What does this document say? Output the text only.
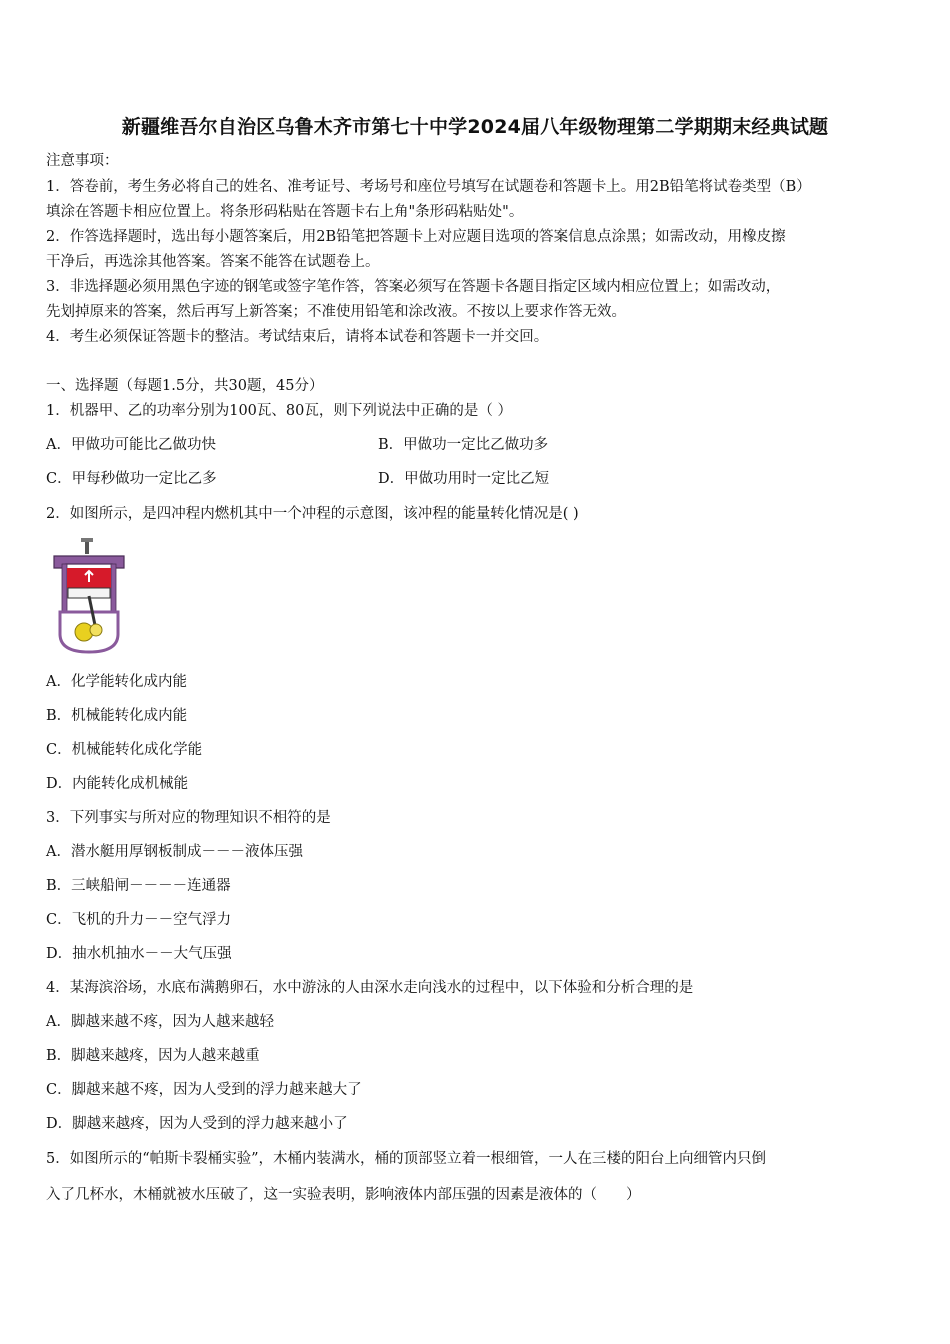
新疆维吾尔自治区乌鲁木齐市第七十中学2024届八年级物理第二学期期末经典试题
注意事项：
1．答卷前，考生务必将自己的姓名、准考证号、考场号和座位号填写在试题卷和答题卡上。用2B铅笔将试卷类型（B）
填涂在答题卡相应位置上。将条形码粘贴在答题卡右上角"条形码粘贴处"。
2．作答选择题时，选出每小题答案后，用2B铅笔把答题卡上对应题目选项的答案信息点涂黑；如需改动，用橡皮擦
干净后，再选涂其他答案。答案不能答在试题卷上。
3．非选择题必须用黑色字迹的钢笔或签字笔作答，答案必须写在答题卡各题目指定区域内相应位置上；如需改动，
先划掉原来的答案，然后再写上新答案；不准使用铅笔和涂改液。不按以上要求作答无效。
4．考生必须保证答题卡的整洁。考试结束后，请将本试卷和答题卡一并交回。
一、选择题（每题1.5分，共30题，45分）
1．机器甲、乙的功率分别为100瓦、80瓦，则下列说法中正确的是（ ）
A．甲做功可能比乙做功快	B．甲做功一定比乙做功多
C．甲每秒做功一定比乙多	D．甲做功用时一定比乙短
2．如图所示，是四冲程内燃机其中一个冲程的示意图，该冲程的能量转化情况是( )
A．化学能转化成内能
B．机械能转化成内能
C．机械能转化成化学能
D．内能转化成机械能
3．下列事实与所对应的物理知识不相符的是
A．潜水艇用厚钢板制成－－－液体压强
B．三峡船闸－－－－连通器
C．飞机的升力－－空气浮力
D．抽水机抽水－－大气压强
4．某海滨浴场，水底布满鹅卵石，水中游泳的人由深水走向浅水的过程中，以下体验和分析合理的是
A．脚越来越不疼，因为人越来越轻
B．脚越来越疼，因为人越来越重
C．脚越来越不疼，因为人受到的浮力越来越大了
D．脚越来越疼，因为人受到的浮力越来越小了
5．如图所示的“帕斯卡裂桶实验”，木桶内装满水，桶的顶部竖立着一根细管，一人在三楼的阳台上向细管内只倒
入了几杯水，木桶就被水压破了，这一实验表明，影响液体内部压强的因素是液体的（　　）
